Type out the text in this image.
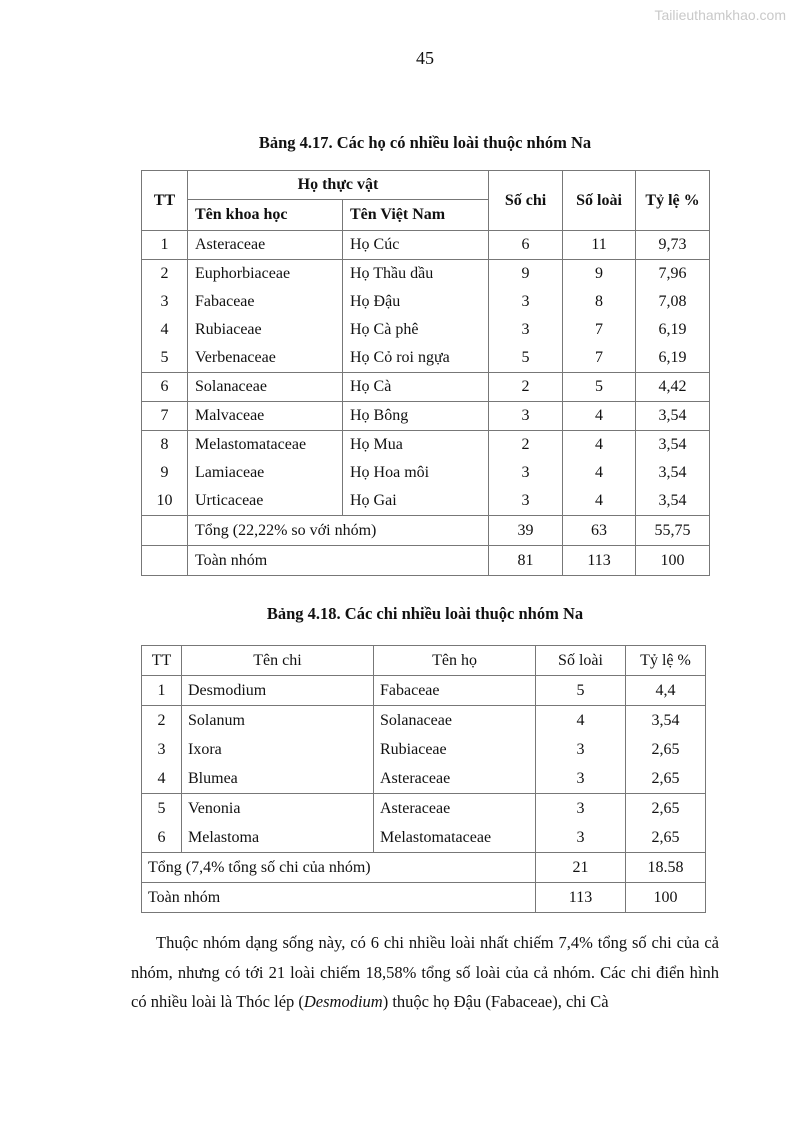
Tailieuthamkhao.com
45
Bảng 4.17. Các họ có nhiều loài thuộc nhóm Na
TT	Họ thực vật		Số chi	Số loài	Tỷ lệ %
	Tên khoa học	Tên Việt Nam			
1	Asteraceae	Họ Cúc	6	11	9,73
2	Euphorbiaceae	Họ Thầu dầu	9	9	7,96
3	Fabaceae	Họ Đậu	3	8	7,08
4	Rubiaceae	Họ Cà phê	3	7	6,19
5	Verbenaceae	Họ Cỏ roi ngựa	5	7	6,19
6	Solanaceae	Họ Cà	2	5	4,42
7	Malvaceae	Họ Bông	3	4	3,54
8	Melastomataceae	Họ Mua	2	4	3,54
9	Lamiaceae	Họ Hoa môi	3	4	3,54
10	Urticaceae	Họ Gai	3	4	3,54
	Tổng (22,22% so với nhóm)		39	63	55,75
	Toàn nhóm		81	113	100
Bảng 4.18. Các chi nhiều loài thuộc nhóm Na
TT	Tên chi	Tên họ	Số loài	Tỷ lệ %
1	Desmodium	Fabaceae	5	4,4
2	Solanum	Solanaceae	4	3,54
3	Ixora	Rubiaceae	3	2,65
4	Blumea	Asteraceae	3	2,65
5	Venonia	Asteraceae	3	2,65
6	Melastoma	Melastomataceae	3	2,65
Tổng (7,4% tổng số chi của nhóm)			21	18.58
Toàn nhóm			113	100

Thuộc nhóm dạng sống này, có 6 chi nhiều loài nhất chiếm 7,4% tổng số chi của cả nhóm, nhưng có tới 21 loài chiếm 18,58% tổng số loài của cả nhóm. Các chi điển hình có nhiều loài là Thóc lép (Desmodium) thuộc họ Đậu (Fabaceae), chi Cà
